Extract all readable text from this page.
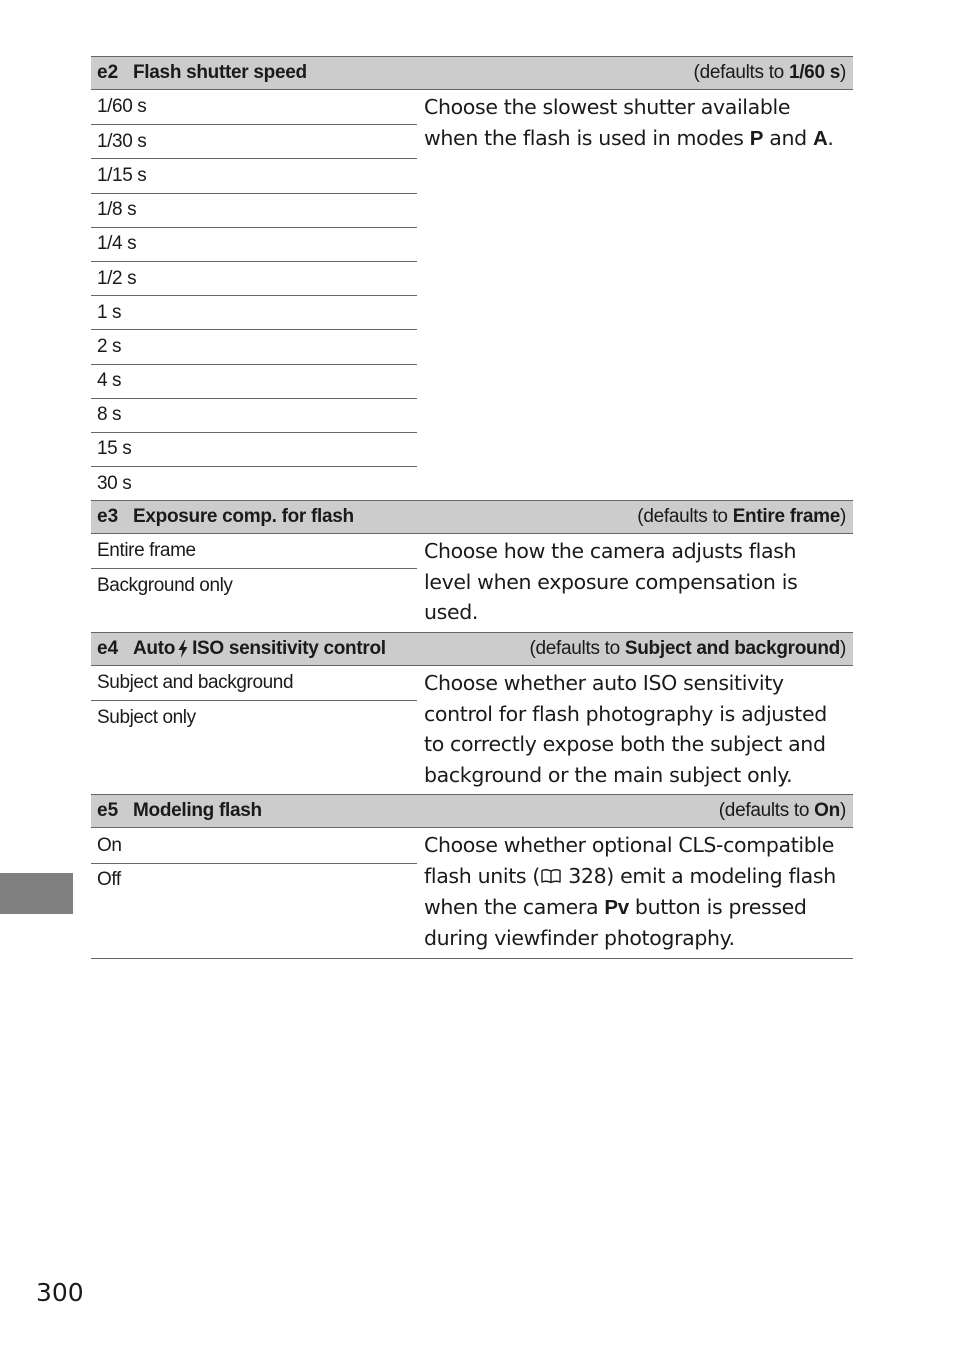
e2 Flash shutter speed	(defaults to 1/60 s)
1/60 s
1/30 s
1/15 s
1/8 s
1/4 s
1/2 s
1 s
2 s
4 s
8 s
15 s
30 s
Choose the slowest shutter available when the flash is used in modes P and A.
e3 Exposure comp. for flash	(defaults to Entire frame)
Entire frame
Background only
Choose how the camera adjusts flash level when exposure compensation is used.
e4 Auto ISO sensitivity control	(defaults to Subject and background)
Subject and background
Subject only
Choose whether auto ISO sensitivity control for flash photography is adjusted to correctly expose both the subject and background or the main subject only.
e5 Modeling flash	(defaults to On)
On
Off
Choose whether optional CLS-compatible flash units ( 328) emit a modeling flash when the camera Pv button is pressed during viewfinder photography.
300
